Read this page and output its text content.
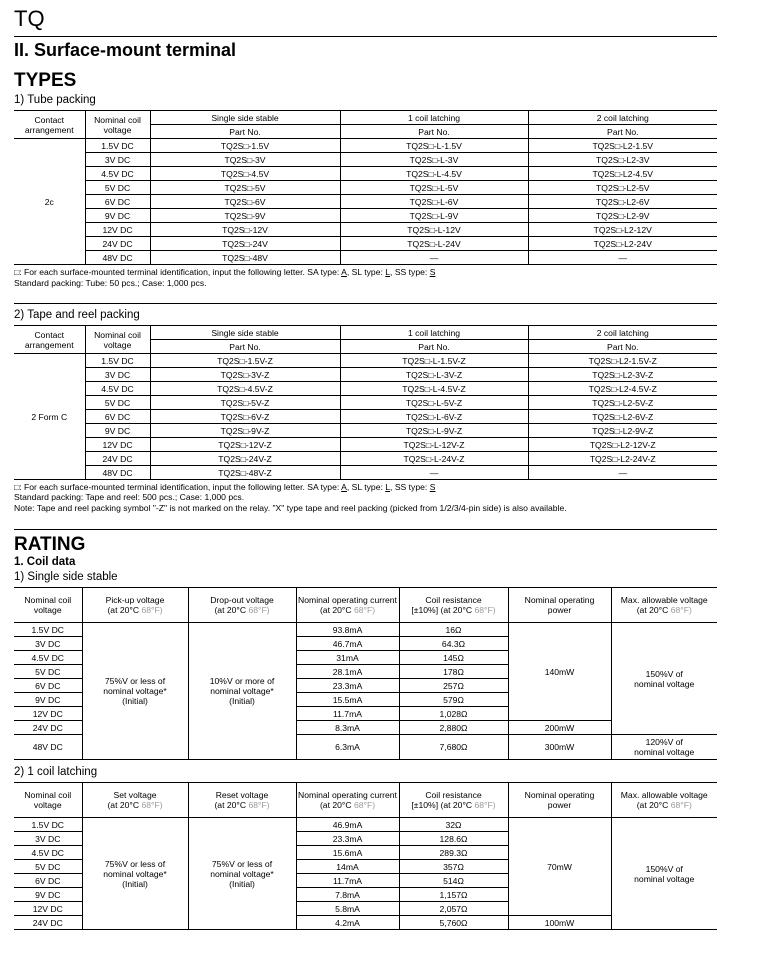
TQ
II. Surface-mount terminal
TYPES
1) Tube packing
Contact arrangement	Nominal coil voltage	Single side stable	1 coil latching	2 coil latching
		Part No.	Part No.	Part No.
2c	1.5V DC	TQ2S□-1.5V	TQ2S□-L-1.5V	TQ2S□-L2-1.5V
	3V DC	TQ2S□-3V	TQ2S□-L-3V	TQ2S□-L2-3V
	4.5V DC	TQ2S□-4.5V	TQ2S□-L-4.5V	TQ2S□-L2-4.5V
	5V DC	TQ2S□-5V	TQ2S□-L-5V	TQ2S□-L2-5V
	6V DC	TQ2S□-6V	TQ2S□-L-6V	TQ2S□-L2-6V
	9V DC	TQ2S□-9V	TQ2S□-L-9V	TQ2S□-L2-9V
	12V DC	TQ2S□-12V	TQ2S□-L-12V	TQ2S□-L2-12V
	24V DC	TQ2S□-24V	TQ2S□-L-24V	TQ2S□-L2-24V
	48V DC	TQ2S□-48V	—	—
□: For each surface-mounted terminal identification, input the following letter. SA type: A, SL type: L, SS type: S
Standard packing: Tube: 50 pcs.; Case: 1,000 pcs.
2) Tape and reel packing
Contact arrangement	Nominal coil voltage	Single side stable	1 coil latching	2 coil latching
		Part No.	Part No.	Part No.
2 Form C	1.5V DC	TQ2S□-1.5V-Z	TQ2S□-L-1.5V-Z	TQ2S□-L2-1.5V-Z
	3V DC	TQ2S□-3V-Z	TQ2S□-L-3V-Z	TQ2S□-L2-3V-Z
	4.5V DC	TQ2S□-4.5V-Z	TQ2S□-L-4.5V-Z	TQ2S□-L2-4.5V-Z
	5V DC	TQ2S□-5V-Z	TQ2S□-L-5V-Z	TQ2S□-L2-5V-Z
	6V DC	TQ2S□-6V-Z	TQ2S□-L-6V-Z	TQ2S□-L2-6V-Z
	9V DC	TQ2S□-9V-Z	TQ2S□-L-9V-Z	TQ2S□-L2-9V-Z
	12V DC	TQ2S□-12V-Z	TQ2S□-L-12V-Z	TQ2S□-L2-12V-Z
	24V DC	TQ2S□-24V-Z	TQ2S□-L-24V-Z	TQ2S□-L2-24V-Z
	48V DC	TQ2S□-48V-Z	—	—
□: For each surface-mounted terminal identification, input the following letter. SA type: A, SL type: L, SS type: S
Standard packing: Tape and reel: 500 pcs.; Case: 1,000 pcs.
Note: Tape and reel packing symbol "-Z" is not marked on the relay. "X" type tape and reel packing (picked from 1/2/3/4-pin side) is also available.
RATING
1. Coil data
1) Single side stable
Nominal coil
voltage	Pick-up voltage
(at 20°C 68°F)	Drop-out voltage
(at 20°C 68°F)	Nominal operating current
(at 20°C 68°F)	Coil resistance
[±10%] (at 20°C 68°F)	Nominal operating
power	Max. allowable voltage
(at 20°C 68°F)
1.5V DC	75%V or less of
nominal voltage*
(Initial)	10%V or more of
nominal voltage*
(Initial)	93.8mA	16Ω	140mW	150%V of
nominal voltage
3V DC			46.7mA	64.3Ω		
4.5V DC			31mA	145Ω		
5V DC			28.1mA	178Ω		
6V DC			23.3mA	257Ω		
9V DC			15.5mA	579Ω		
12V DC			11.7mA	1,028Ω		
24V DC			8.3mA	2,880Ω	200mW	
48V DC			6.3mA	7,680Ω	300mW	120%V of
nominal voltage
2) 1 coil latching
Nominal coil
voltage	Set voltage
(at 20°C 68°F)	Reset voltage
(at 20°C 68°F)	Nominal operating current
(at 20°C 68°F)	Coil resistance
[±10%] (at 20°C 68°F)	Nominal operating
power	Max. allowable voltage
(at 20°C 68°F)
1.5V DC	75%V or less of
nominal voltage*
(Initial)	75%V or less of
nominal voltage*
(Initial)	46.9mA	32Ω	70mW	150%V of
nominal voltage
3V DC			23.3mA	128.6Ω		
4.5V DC			15.6mA	289.3Ω		
5V DC			14mA	357Ω		
6V DC			11.7mA	514Ω		
9V DC			7.8mA	1,157Ω		
12V DC			5.8mA	2,057Ω		
24V DC			4.2mA	5,760Ω	100mW	
